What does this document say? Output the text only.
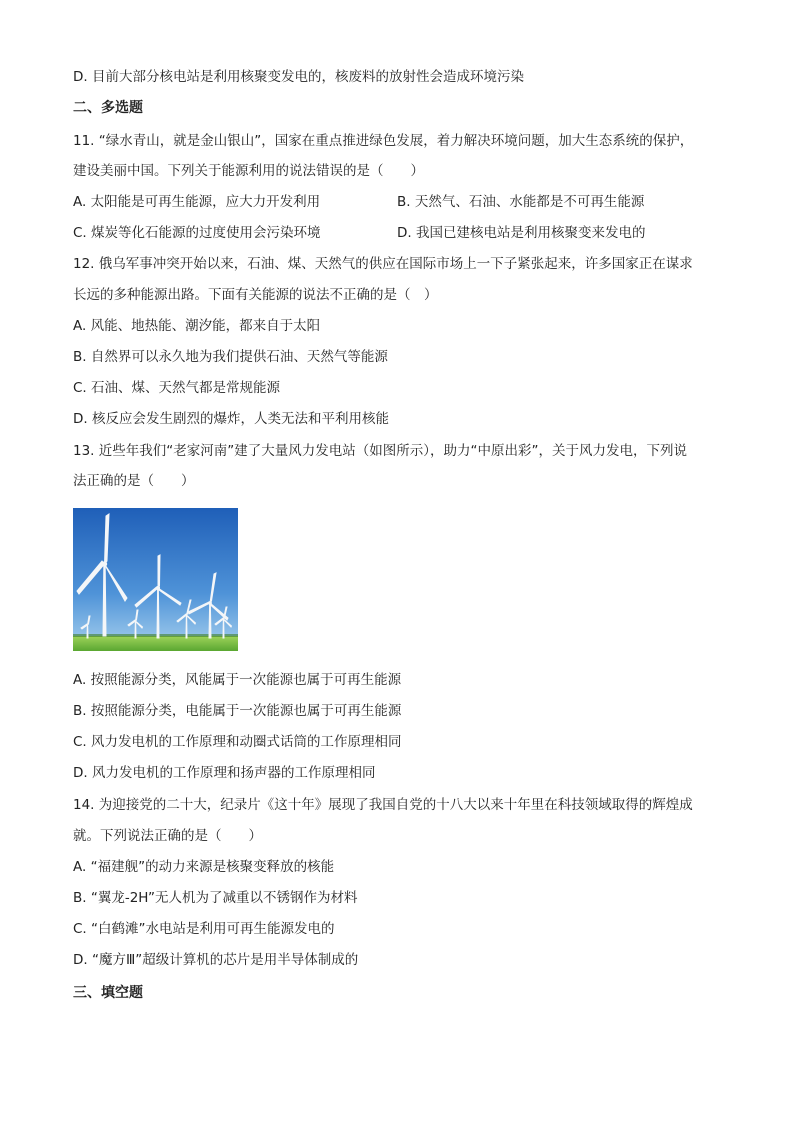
D. 目前大部分核电站是利用核聚变发电的，核废料的放射性会造成环境污染
二、多选题
11. “绿水青山，就是金山银山”，国家在重点推进绿色发展，着力解决环境问题，加大生态系统的保护，
建设美丽中国。下列关于能源利用的说法错误的是（　　）
A. 太阳能是可再生能源，应大力开发利用	B. 天然气、石油、水能都是不可再生能源
C. 煤炭等化石能源的过度使用会污染环境	D. 我国已建核电站是利用核聚变来发电的
12. 俄乌军事冲突开始以来，石油、煤、天然气的供应在国际市场上一下子紧张起来，许多国家正在谋求
长远的多种能源出路。下面有关能源的说法不正确的是（　）
A. 风能、地热能、潮汐能，都来自于太阳
B. 自然界可以永久地为我们提供石油、天然气等能源
C. 石油、煤、天然气都是常规能源
D. 核反应会发生剧烈的爆炸，人类无法和平利用核能
13. 近些年我们“老家河南”建了大量风力发电站（如图所示），助力“中原出彩”，关于风力发电，下列说
法正确的是（　　）
A. 按照能源分类，风能属于一次能源也属于可再生能源
B. 按照能源分类，电能属于一次能源也属于可再生能源
C. 风力发电机的工作原理和动圈式话筒的工作原理相同
D. 风力发电机的工作原理和扬声器的工作原理相同
14. 为迎接党的二十大，纪录片《这十年》展现了我国自党的十八大以来十年里在科技领域取得的辉煌成
就。下列说法正确的是（　　）
A. “福建舰”的动力来源是核聚变释放的核能
B. “翼龙-2H”无人机为了减重以不锈钢作为材料
C. “白鹤滩”水电站是利用可再生能源发电的
D. “魔方Ⅲ”超级计算机的芯片是用半导体制成的
三、填空题
